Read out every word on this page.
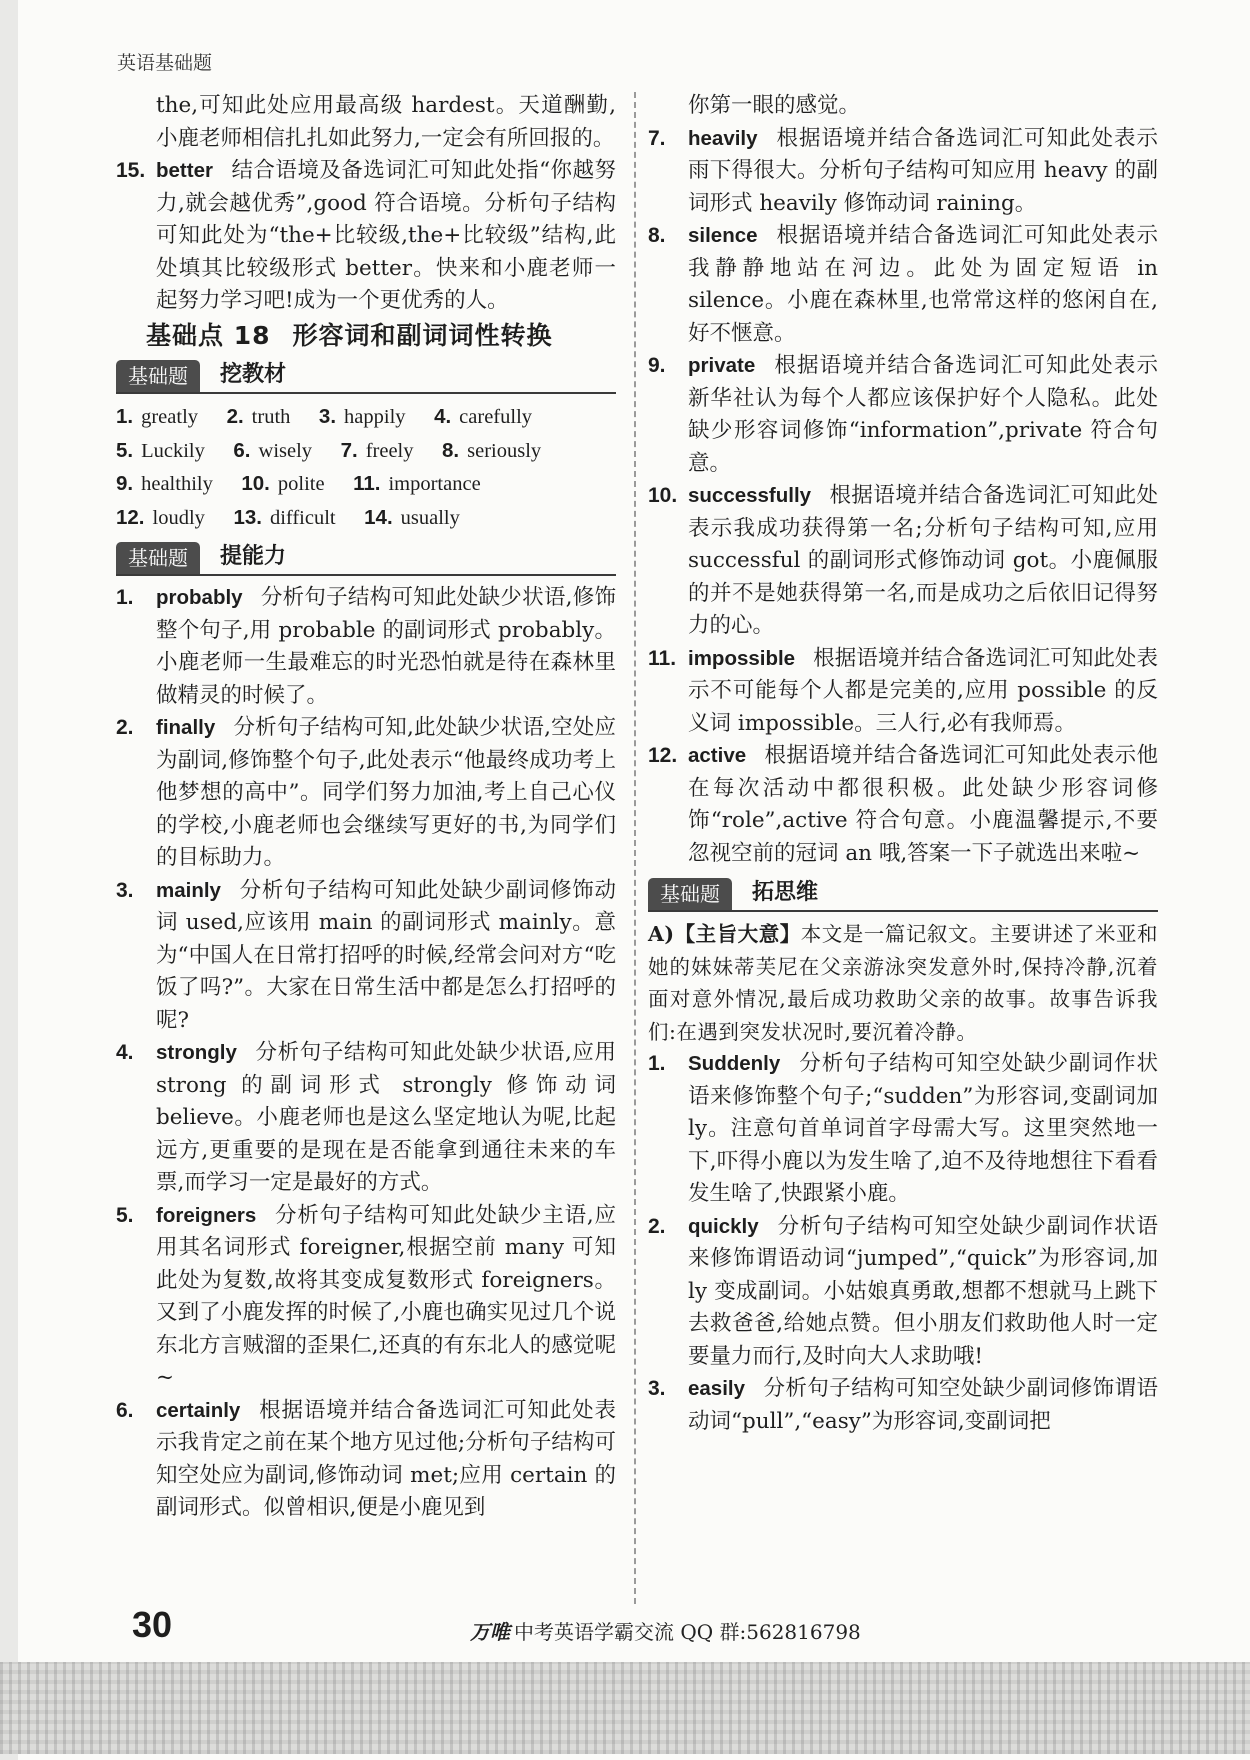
英语基础题

the,可知此处应用最高级 hardest。天道酬勤,小鹿老师相信扎扎如此努力,一定会有所回报的。

15. better 结合语境及备选词汇可知此处指“你越努力,就会越优秀”,good 符合语境。分析句子结构可知此处为“the+比较级,the+比较级”结构,此处填其比较级形式 better。快来和小鹿老师一起努力学习吧!成为一个更优秀的人。

基础点 18 形容词和副词词性转换
基础题	挖教材
1. greatly 2. truth 3. happily 4. carefully
5. Luckily 6. wisely 7. freely 8. seriously
9. healthily 10. polite 11. importance
12. loudly 13. difficult 14. usually
基础题	提能力

1. probably 分析句子结构可知此处缺少状语,修饰整个句子,用 probable 的副词形式 probably。小鹿老师一生最难忘的时光恐怕就是待在森林里做精灵的时候了。

2. finally 分析句子结构可知,此处缺少状语,空处应为副词,修饰整个句子,此处表示“他最终成功考上他梦想的高中”。同学们努力加油,考上自己心仪的学校,小鹿老师也会继续写更好的书,为同学们的目标助力。

3. mainly 分析句子结构可知此处缺少副词修饰动词 used,应该用 main 的副词形式 mainly。意为“中国人在日常打招呼的时候,经常会问对方“吃饭了吗?”。大家在日常生活中都是怎么打招呼的呢?

4. strongly 分析句子结构可知此处缺少状语,应用 strong 的副词形式 strongly 修饰动词 believe。小鹿老师也是这么坚定地认为呢,比起远方,更重要的是现在是否能拿到通往未来的车票,而学习一定是最好的方式。

5. foreigners 分析句子结构可知此处缺少主语,应用其名词形式 foreigner,根据空前 many 可知此处为复数,故将其变成复数形式 foreigners。又到了小鹿发挥的时候了,小鹿也确实见过几个说东北方言贼溜的歪果仁,还真的有东北人的感觉呢~

6. certainly 根据语境并结合备选词汇可知此处表示我肯定之前在某个地方见过他;分析句子结构可知空处应为副词,修饰动词 met;应用 certain 的副词形式。似曾相识,便是小鹿见到

你第一眼的感觉。

7. heavily 根据语境并结合备选词汇可知此处表示雨下得很大。分析句子结构可知应用 heavy 的副词形式 heavily 修饰动词 raining。

8. silence 根据语境并结合备选词汇可知此处表示我静静地站在河边。此处为固定短语 in silence。小鹿在森林里,也常常这样的悠闲自在,好不惬意。

9. private 根据语境并结合备选词汇可知此处表示新华社认为每个人都应该保护好个人隐私。此处缺少形容词修饰“information”,private 符合句意。

10. successfully 根据语境并结合备选词汇可知此处表示我成功获得第一名;分析句子结构可知,应用 successful 的副词形式修饰动词 got。小鹿佩服的并不是她获得第一名,而是成功之后依旧记得努力的心。

11. impossible 根据语境并结合备选词汇可知此处表示不可能每个人都是完美的,应用 possible 的反义词 impossible。三人行,必有我师焉。

12. active 根据语境并结合备选词汇可知此处表示他在每次活动中都很积极。此处缺少形容词修饰“role”,active 符合句意。小鹿温馨提示,不要忽视空前的冠词 an 哦,答案一下子就选出来啦~

基础题	拓思维

A)【主旨大意】本文是一篇记叙文。主要讲述了米亚和她的妹妹蒂芙尼在父亲游泳突发意外时,保持冷静,沉着面对意外情况,最后成功救助父亲的故事。故事告诉我们:在遇到突发状况时,要沉着冷静。

1. Suddenly 分析句子结构可知空处缺少副词作状语来修饰整个句子;“sudden”为形容词,变副词加 ly。注意句首单词首字母需大写。这里突然地一下,吓得小鹿以为发生啥了,迫不及待地想往下看看发生啥了,快跟紧小鹿。

2. quickly 分析句子结构可知空处缺少副词作状语来修饰谓语动词“jumped”,“quick”为形容词,加 ly 变成副词。小姑娘真勇敢,想都不想就马上跳下去救爸爸,给她点赞。但小朋友们救助他人时一定要量力而行,及时向大人求助哦!

3. easily 分析句子结构可知空处缺少副词修饰谓语动词“pull”,“easy”为形容词,变副词把

30	万唯 中考英语学霸交流 QQ 群:562816798
